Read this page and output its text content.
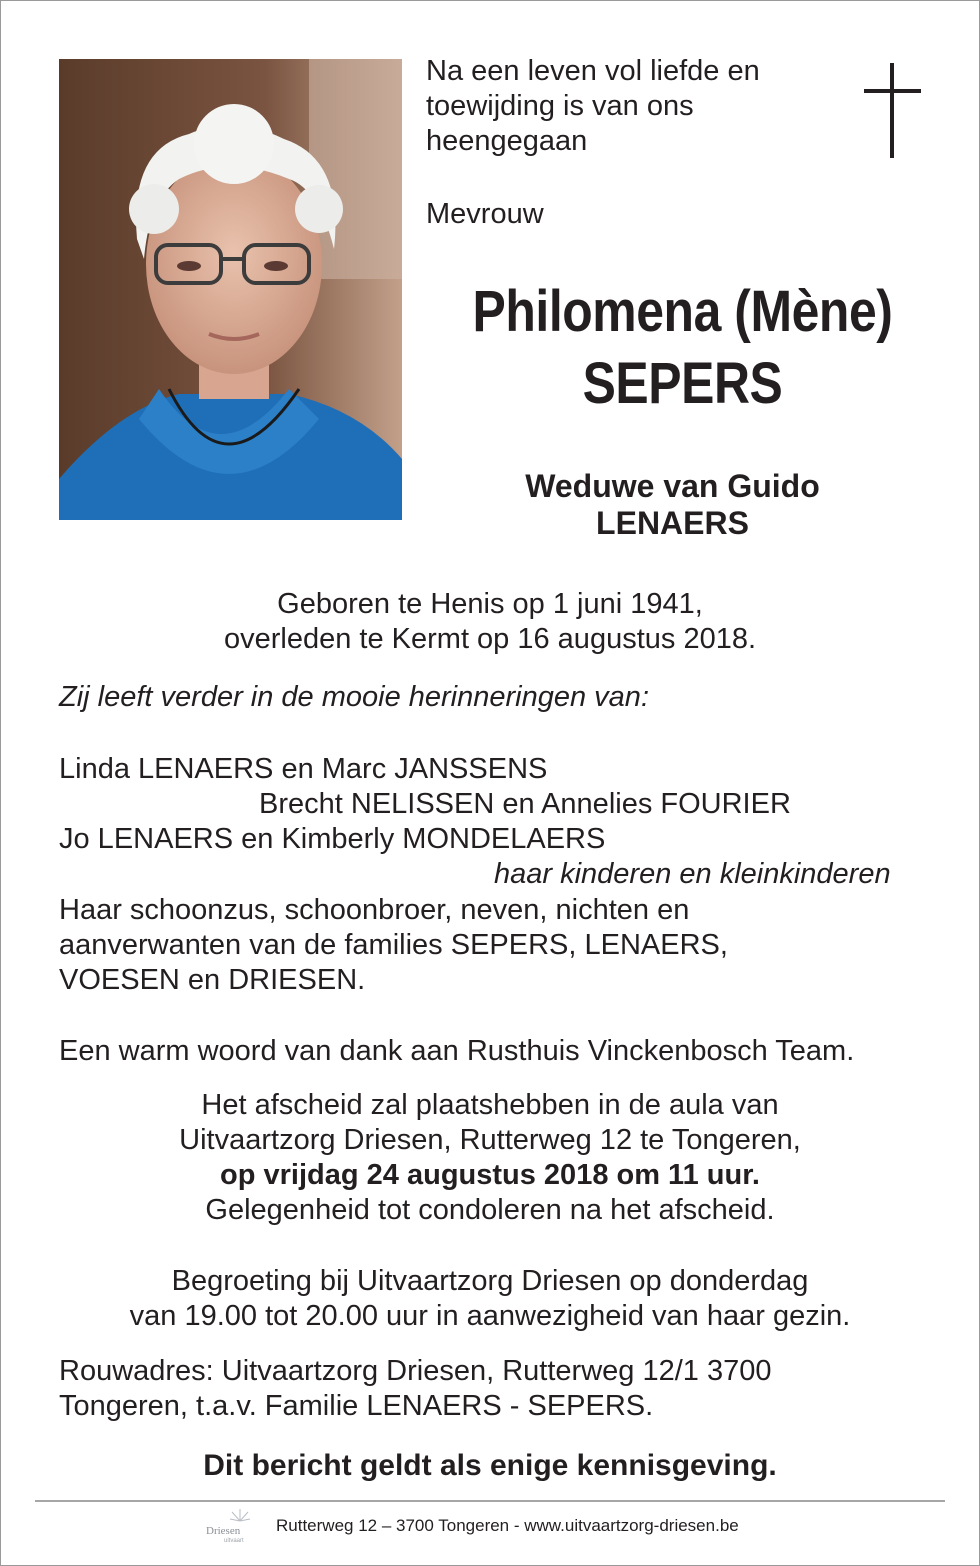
Na een leven vol liefde en
toewijding is van ons
heengegaan
Mevrouw
Philomena (Mène)
SEPERS
Weduwe van Guido
LENAERS
Geboren te Henis op 1 juni 1941,
overleden te Kermt op 16 augustus 2018.
Zij leeft verder in de mooie herinneringen van:
Linda LENAERS en Marc JANSSENS
Brecht NELISSEN en Annelies FOURIER
Jo LENAERS en Kimberly MONDELAERS
haar kinderen en kleinkinderen
Haar schoonzus, schoonbroer, neven, nichten en
aanverwanten van de families SEPERS, LENAERS,
VOESEN en DRIESEN.
Een warm woord van dank aan Rusthuis Vinckenbosch Team.
Het afscheid zal plaatshebben in de aula van
Uitvaartzorg Driesen, Rutterweg 12 te Tongeren,
op vrijdag 24 augustus 2018 om 11 uur.
Gelegenheid tot condoleren na het afscheid.
Begroeting bij Uitvaartzorg Driesen op donderdag
van 19.00 tot 20.00 uur in aanwezigheid van haar gezin.
Rouwadres: Uitvaartzorg Driesen, Rutterweg 12/1 3700
Tongeren, t.a.v. Familie LENAERS - SEPERS.
Dit bericht geldt als enige kennisgeving.
Driesen
uitvaart
Rutterweg 12 – 3700 Tongeren - www.uitvaartzorg-driesen.be
